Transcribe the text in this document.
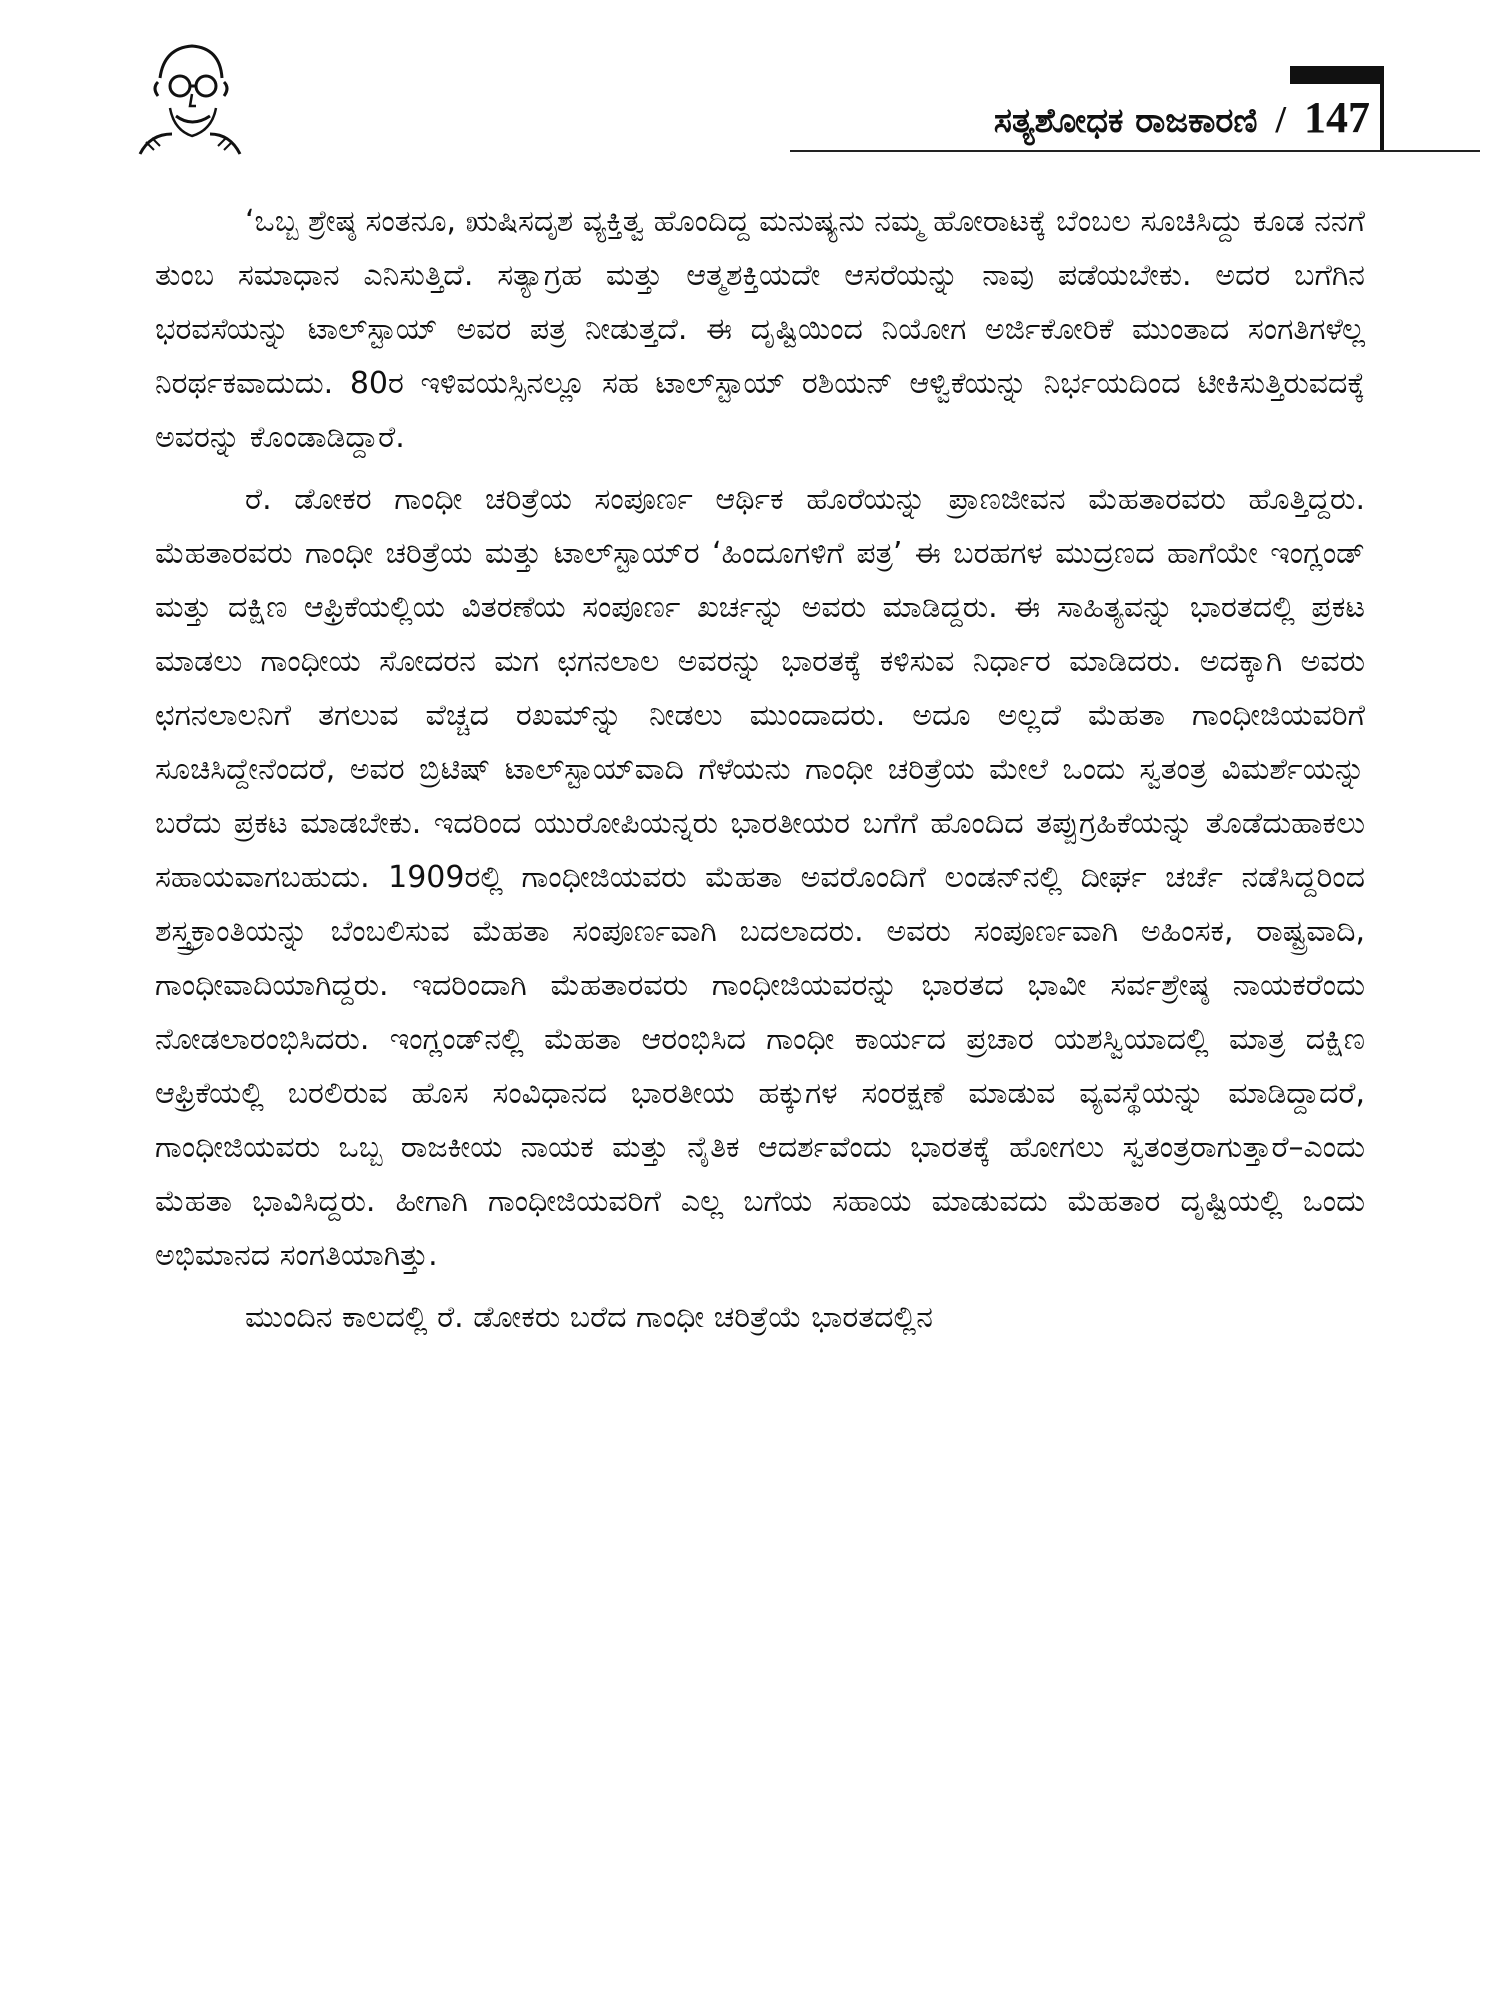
ಸತ್ಯಶೋಧಕ ರಾಜಕಾರಣಿ / 147

‘ಒಬ್ಬ ಶ್ರೇಷ್ಠ ಸಂತನೂ, ಋಷಿಸದೃಶ ವ್ಯಕ್ತಿತ್ವ ಹೊಂದಿದ್ದ ಮನುಷ್ಯನು ನಮ್ಮ ಹೋರಾಟಕ್ಕೆ ಬೆಂಬಲ ಸೂಚಿಸಿದ್ದು ಕೂಡ ನನಗೆ ತುಂಬ ಸಮಾಧಾನ ಎನಿಸುತ್ತಿದೆ. ಸತ್ಯಾಗ್ರಹ ಮತ್ತು ಆತ್ಮಶಕ್ತಿಯದೇ ಆಸರೆಯನ್ನು ನಾವು ಪಡೆಯಬೇಕು. ಅದರ ಬಗೆಗಿನ ಭರವಸೆಯನ್ನು ಟಾಲ್‌ಸ್ಟಾಯ್ ಅವರ ಪತ್ರ ನೀಡುತ್ತದೆ. ಈ ದೃಷ್ಟಿಯಿಂದ ನಿಯೋಗ ಅರ್ಜಿಕೋರಿಕೆ ಮುಂತಾದ ಸಂಗತಿಗಳೆಲ್ಲ ನಿರರ್ಥಕವಾದುದು. 80ರ ಇಳಿವಯಸ್ಸಿನಲ್ಲೂ ಸಹ ಟಾಲ್‌ಸ್ಟಾಯ್ ರಶಿಯನ್ ಆಳ್ವಿಕೆಯನ್ನು ನಿರ್ಭಯದಿಂದ ಟೀಕಿಸುತ್ತಿರುವದಕ್ಕೆ ಅವರನ್ನು ಕೊಂಡಾಡಿದ್ದಾರೆ.

ರೆ. ಡೋಕರ ಗಾಂಧೀ ಚರಿತ್ರೆಯ ಸಂಪೂರ್ಣ ಆರ್ಥಿಕ ಹೊರೆಯನ್ನು ಪ್ರಾಣಜೀವನ ಮೆಹತಾರವರು ಹೊತ್ತಿದ್ದರು. ಮೆಹತಾರವರು ಗಾಂಧೀ ಚರಿತ್ರೆಯ ಮತ್ತು ಟಾಲ್‌ಸ್ಟಾಯ್‌ರ ‘ಹಿಂದೂಗಳಿಗೆ ಪತ್ರ’ ಈ ಬರಹಗಳ ಮುದ್ರಣದ ಹಾಗೆಯೇ ಇಂಗ್ಲಂಡ್ ಮತ್ತು ದಕ್ಷಿಣ ಆಫ್ರಿಕೆಯಲ್ಲಿಯ ವಿತರಣೆಯ ಸಂಪೂರ್ಣ ಖರ್ಚನ್ನು ಅವರು ಮಾಡಿದ್ದರು. ಈ ಸಾಹಿತ್ಯವನ್ನು ಭಾರತದಲ್ಲಿ ಪ್ರಕಟ ಮಾಡಲು ಗಾಂಧೀಯ ಸೋದರನ ಮಗ ಛಗನಲಾಲ ಅವರನ್ನು ಭಾರತಕ್ಕೆ ಕಳಿಸುವ ನಿರ್ಧಾರ ಮಾಡಿದರು. ಅದಕ್ಕಾಗಿ ಅವರು ಛಗನಲಾಲನಿಗೆ ತಗಲುವ ವೆಚ್ಚದ ರಖಮ್‌ನ್ನು ನೀಡಲು ಮುಂದಾದರು. ಅದೂ ಅಲ್ಲದೆ ಮೆಹತಾ ಗಾಂಧೀಜಿಯವರಿಗೆ ಸೂಚಿಸಿದ್ದೇನೆಂದರೆ, ಅವರ ಬ್ರಿಟಿಷ್ ಟಾಲ್‌ಸ್ಟಾಯ್‌ವಾದಿ ಗೆಳೆಯನು ಗಾಂಧೀ ಚರಿತ್ರೆಯ ಮೇಲೆ ಒಂದು ಸ್ವತಂತ್ರ ವಿಮರ್ಶೆಯನ್ನು ಬರೆದು ಪ್ರಕಟ ಮಾಡಬೇಕು. ಇದರಿಂದ ಯುರೋಪಿಯನ್ನರು ಭಾರತೀಯರ ಬಗೆಗೆ ಹೊಂದಿದ ತಪ್ಪುಗ್ರಹಿಕೆಯನ್ನು ತೊಡೆದುಹಾಕಲು ಸಹಾಯವಾಗಬಹುದು. 1909ರಲ್ಲಿ ಗಾಂಧೀಜಿಯವರು ಮೆಹತಾ ಅವರೊಂದಿಗೆ ಲಂಡನ್‌ನಲ್ಲಿ ದೀರ್ಘ ಚರ್ಚೆ ನಡೆಸಿದ್ದರಿಂದ ಶಸ್ತ್ರಕ್ರಾಂತಿಯನ್ನು ಬೆಂಬಲಿಸುವ ಮೆಹತಾ ಸಂಪೂರ್ಣವಾಗಿ ಬದಲಾದರು. ಅವರು ಸಂಪೂರ್ಣವಾಗಿ ಅಹಿಂಸಕ, ರಾಷ್ಟ್ರವಾದಿ, ಗಾಂಧೀವಾದಿಯಾಗಿದ್ದರು. ಇದರಿಂದಾಗಿ ಮೆಹತಾರವರು ಗಾಂಧೀಜಿಯವರನ್ನು ಭಾರತದ ಭಾವೀ ಸರ್ವಶ್ರೇಷ್ಠ ನಾಯಕರೆಂದು ನೋಡಲಾರಂಭಿಸಿದರು. ಇಂಗ್ಲಂಡ್‌ನಲ್ಲಿ ಮೆಹತಾ ಆರಂಭಿಸಿದ ಗಾಂಧೀ ಕಾರ್ಯದ ಪ್ರಚಾರ ಯಶಸ್ವಿಯಾದಲ್ಲಿ ಮಾತ್ರ ದಕ್ಷಿಣ ಆಫ್ರಿಕೆಯಲ್ಲಿ ಬರಲಿರುವ ಹೊಸ ಸಂವಿಧಾನದ ಭಾರತೀಯ ಹಕ್ಕುಗಳ ಸಂರಕ್ಷಣೆ ಮಾಡುವ ವ್ಯವಸ್ಥೆಯನ್ನು ಮಾಡಿದ್ದಾದರೆ, ಗಾಂಧೀಜಿಯವರು ಒಬ್ಬ ರಾಜಕೀಯ ನಾಯಕ ಮತ್ತು ನೈತಿಕ ಆದರ್ಶವೆಂದು ಭಾರತಕ್ಕೆ ಹೋಗಲು ಸ್ವತಂತ್ರರಾಗುತ್ತಾರೆ–ಎಂದು ಮೆಹತಾ ಭಾವಿಸಿದ್ದರು. ಹೀಗಾಗಿ ಗಾಂಧೀಜಿಯವರಿಗೆ ಎಲ್ಲ ಬಗೆಯ ಸಹಾಯ ಮಾಡುವದು ಮೆಹತಾರ ದೃಷ್ಟಿಯಲ್ಲಿ ಒಂದು ಅಭಿಮಾನದ ಸಂಗತಿಯಾಗಿತ್ತು.

ಮುಂದಿನ ಕಾಲದಲ್ಲಿ ರೆ. ಡೋಕರು ಬರೆದ ಗಾಂಧೀ ಚರಿತ್ರೆಯೆ ಭಾರತದಲ್ಲಿನ
